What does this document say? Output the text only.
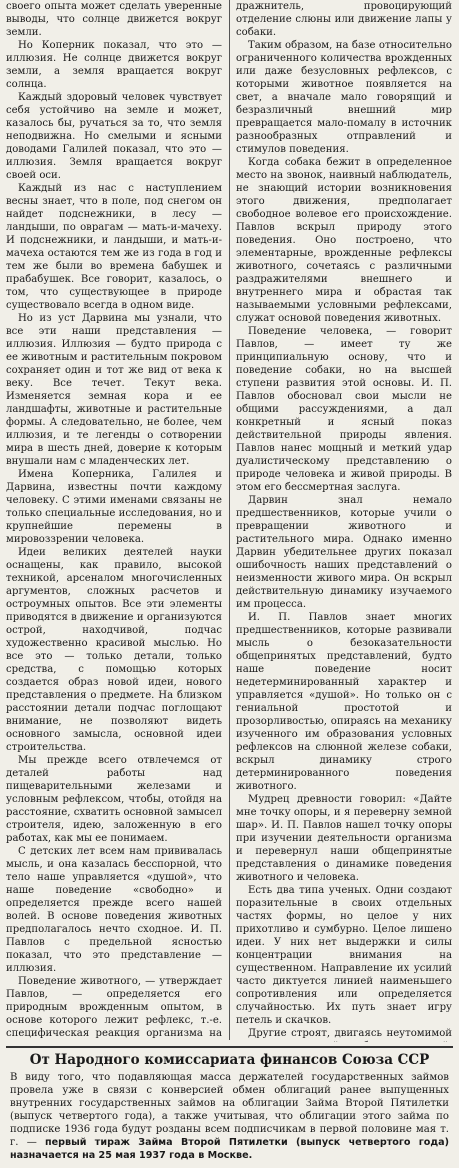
своего опыта может сделать уверенные выводы, что солнце движется вокруг земли.

Но Коперник показал, что это — иллюзия. Не солнце движется вокруг земли, а земля вращается вокруг солнца.

Каждый здоровый человек чувствует себя устойчиво на земле и может, казалось бы, ручаться за то, что земля неподвижна. Но смелыми и ясными доводами Галилей показал, что это — иллюзия. Земля вращается вокруг своей оси.

Каждый из нас с наступлением весны знает, что в поле, под снегом он найдет подснежники, в лесу — ландыши, по оврагам — мать-и-мачеху. И подснежники, и ландыши, и мать-и-мачеха остаются тем же из года в год и тем же были во времена бабушек и прабабушек. Все говорит, казалось, о том, что существующее в природе существовало всегда в одном виде.

Но из уст Дарвина мы узнали, что все эти наши представления — иллюзия. Иллюзия — будто природа с ее животным и растительным покровом сохраняет один и тот же вид от века к веку. Все течет. Текут века. Изменяется земная кора и ее ландшафты, животные и растительные формы. А следовательно, не более, чем иллюзия, и те легенды о сотворении мира в шесть дней, доверие к которым внушали нам с младенческих лет.

Имена Коперника, Галилея и Дарвина, известны почти каждому человеку. С этими именами связаны не только специальные исследования, но и крупнейшие перемены в мировоззрении человека.

Идеи великих деятелей науки оснащены, как правило, высокой техникой, арсеналом многочисленных аргументов, сложных расчетов и остроумных опытов. Все эти элементы приводятся в движение и организуются острой, находчивой, подчас художественно красивой мыслью. Но все это — только детали, только средства, с помощью которых создается образ новой идеи, нового представления о предмете. На близком расстоянии детали подчас поглощают внимание, не позволяют видеть основного замысла, основной идеи строительства.

Мы прежде всего отвлечемся от деталей работы над пищеварительными железами и условным рефлексом, чтобы, отойдя на расстояние, схватить основной замысел строителя, идею, заложенную в его работах, как мы ее понимаем.

С детских лет всем нам прививалась мысль, и она казалась бесспорной, что тело наше управляется «душой», что наше поведение «свободно» и определяется прежде всего нашей волей. В основе поведения животных предполагалось нечто сходное. И. П. Павлов с предельной ясностью показал, что это представление — иллюзия.

Поведение животного, — утверждает Павлов, — определяется его природным врожденным опытом, в основе которого лежит рефлекс, т.-е. специфическая реакция организма на

дражнитель, провоцирующий отделение слюны или движение лапы у собаки.

Таким образом, на базе относительно ограниченного количества врожденных или даже безусловных рефлексов, с которыми животное появляется на свет, а вначале мало говорящий и безразличный внешний мир превращается мало-помалу в источник разнообразных отправлений и стимулов поведения.

Когда собака бежит в определенное место на звонок, наивный наблюдатель, не знающий истории возникновения этого движения, предполагает свободное волевое его происхождение. Павлов вскрыл природу этого поведения. Оно построено, что элементарные, врожденные рефлексы животного, сочетаясь с различными раздражителями внешнего и внутреннего мира и обрастая так называемыми условными рефлексами, служат основой поведения животных.

Поведение человека, — говорит Павлов, — имеет ту же принципиальную основу, что и поведение собаки, но на высшей ступени развития этой основы. И. П. Павлов обосновал свои мысли не общими рассуждениями, а дал конкретный и ясный показ действительной природы явления. Павлов нанес мощный и меткий удар дуалистическому представлению о природе человека и живой природы. В этом его бессмертная заслуга.

Дарвин знал немало предшественников, которые учили о превращении животного и растительного мира. Однако именно Дарвин убедительнее других показал ошибочность наших представлений о неизменности живого мира. Он вскрыл действительную динамику изучаемого им процесса.

И. П. Павлов знает многих предшественников, которые развивали мысль о безоказательности общепринятых представлений, будто наше поведение носит недетерминированный характер и управляется «душой». Но только он с гениальной простотой и прозорливостью, опираясь на механику изученного им образования условных рефлексов на слюнной железе собаки, вскрыл динамику строго детерминированного поведения животного.

Мудрец древности говорил: «Дайте мне точку опоры, и я переверну земной шар». И. П. Павлов нашел точку опоры при изучении деятельности организма и перевернул наши общепринятые представления о динамике поведения животного и человека.

Есть два типа ученых. Одни создают поразительные в своих отдельных частях формы, но целое у них прихотливо и сумбурно. Целое лишено идеи. У них нет выдержки и силы концентрации внимания на существенном. Направление их усилий часто диктуется линией наименьшего сопротивления или определяется случайностью. Их путь знает игру петель и скачков.

Другие строят, двигаясь неутомимой

От Народного комиссариата финансов Союза ССР

В виду того, что подавляющая масса держателей государственных займов провела уже в связи с конверсией обмен облигаций ранее выпущенных внутренних государственных займов на облигации Займа Второй Пятилетки (выпуск четвертого года), а также учитывая, что облигации этого займа по подписке 1936 года будут розданы всем подписчикам в первой половине мая т. г. — первый тираж Займа Второй Пятилетки (выпуск четвертого года) назначается на 25 мая 1937 года в Москве.
